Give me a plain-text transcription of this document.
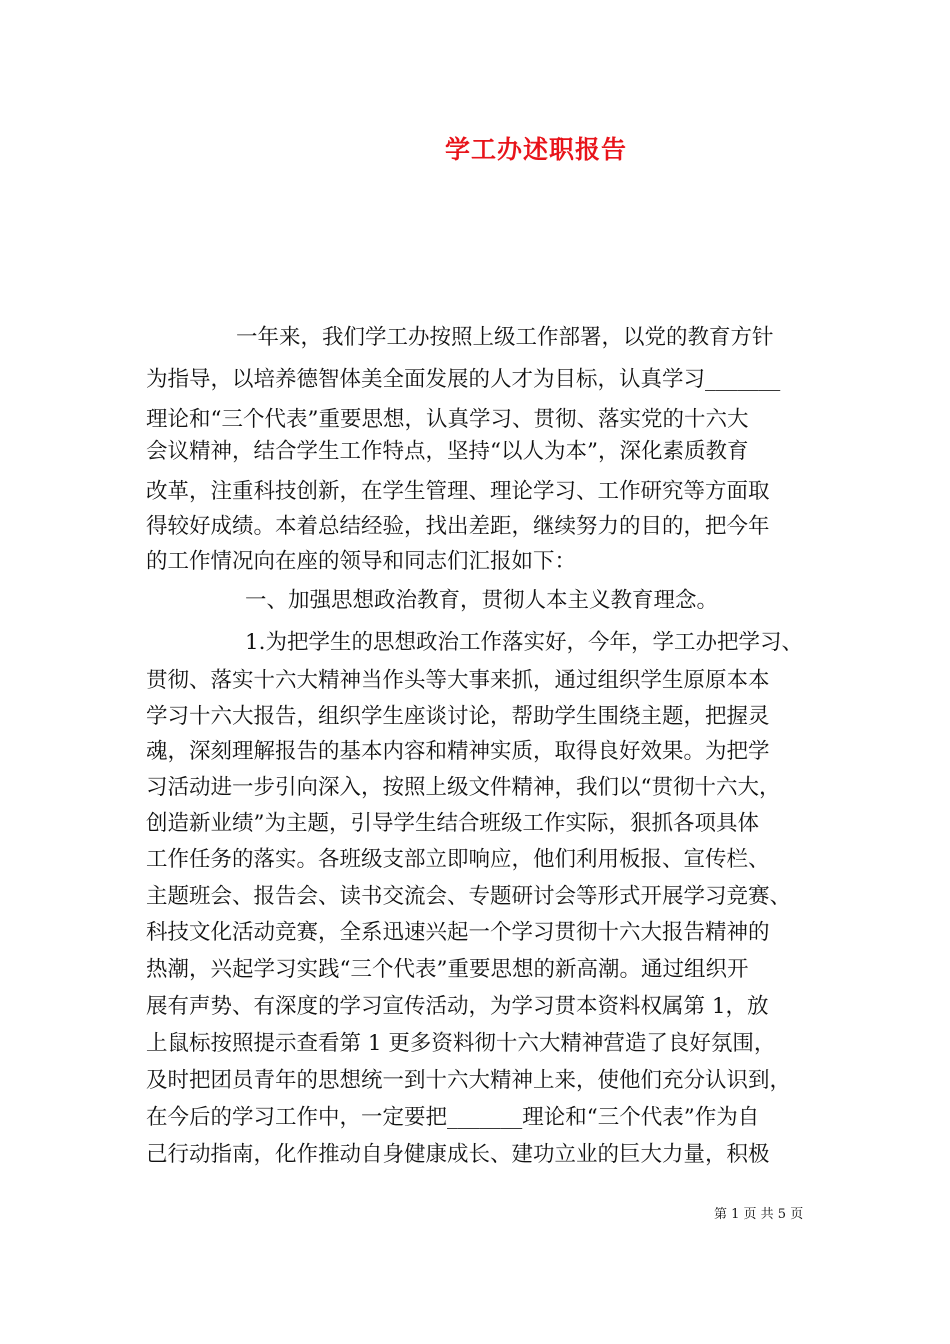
学工办述职报告
一年来，我们学工办按照上级工作部署，以党的教育方针
为指导，以培养德智体美全面发展的人才为目标，认真学习_______
理论和“三个代表”重要思想，认真学习、贯彻、落实党的十六大
会议精神，结合学生工作特点，坚持“以人为本”，深化素质教育
改革，注重科技创新，在学生管理、理论学习、工作研究等方面取
得较好成绩。本着总结经验，找出差距，继续努力的目的，把今年
的工作情况向在座的领导和同志们汇报如下：
一、加强思想政治教育，贯彻人本主义教育理念。
1.为把学生的思想政治工作落实好，今年，学工办把学习、
贯彻、落实十六大精神当作头等大事来抓，通过组织学生原原本本
学习十六大报告，组织学生座谈讨论，帮助学生围绕主题，把握灵
魂，深刻理解报告的基本内容和精神实质，取得良好效果。为把学
习活动进一步引向深入，按照上级文件精神，我们以“贯彻十六大，
创造新业绩”为主题，引导学生结合班级工作实际，狠抓各项具体
工作任务的落实。各班级支部立即响应，他们利用板报、宣传栏、
主题班会、报告会、读书交流会、专题研讨会等形式开展学习竞赛、
科技文化活动竞赛，全系迅速兴起一个学习贯彻十六大报告精神的
热潮，兴起学习实践“三个代表”重要思想的新高潮。通过组织开
展有声势、有深度的学习宣传活动，为学习贯本资料权属第 1，放
上鼠标按照提示查看第 1 更多资料彻十六大精神营造了良好氛围，
及时把团员青年的思想统一到十六大精神上来，使他们充分认识到，
在今后的学习工作中，一定要把_______理论和“三个代表”作为自
己行动指南，化作推动自身健康成长、建功立业的巨大力量，积极
第 1 页 共 5 页
